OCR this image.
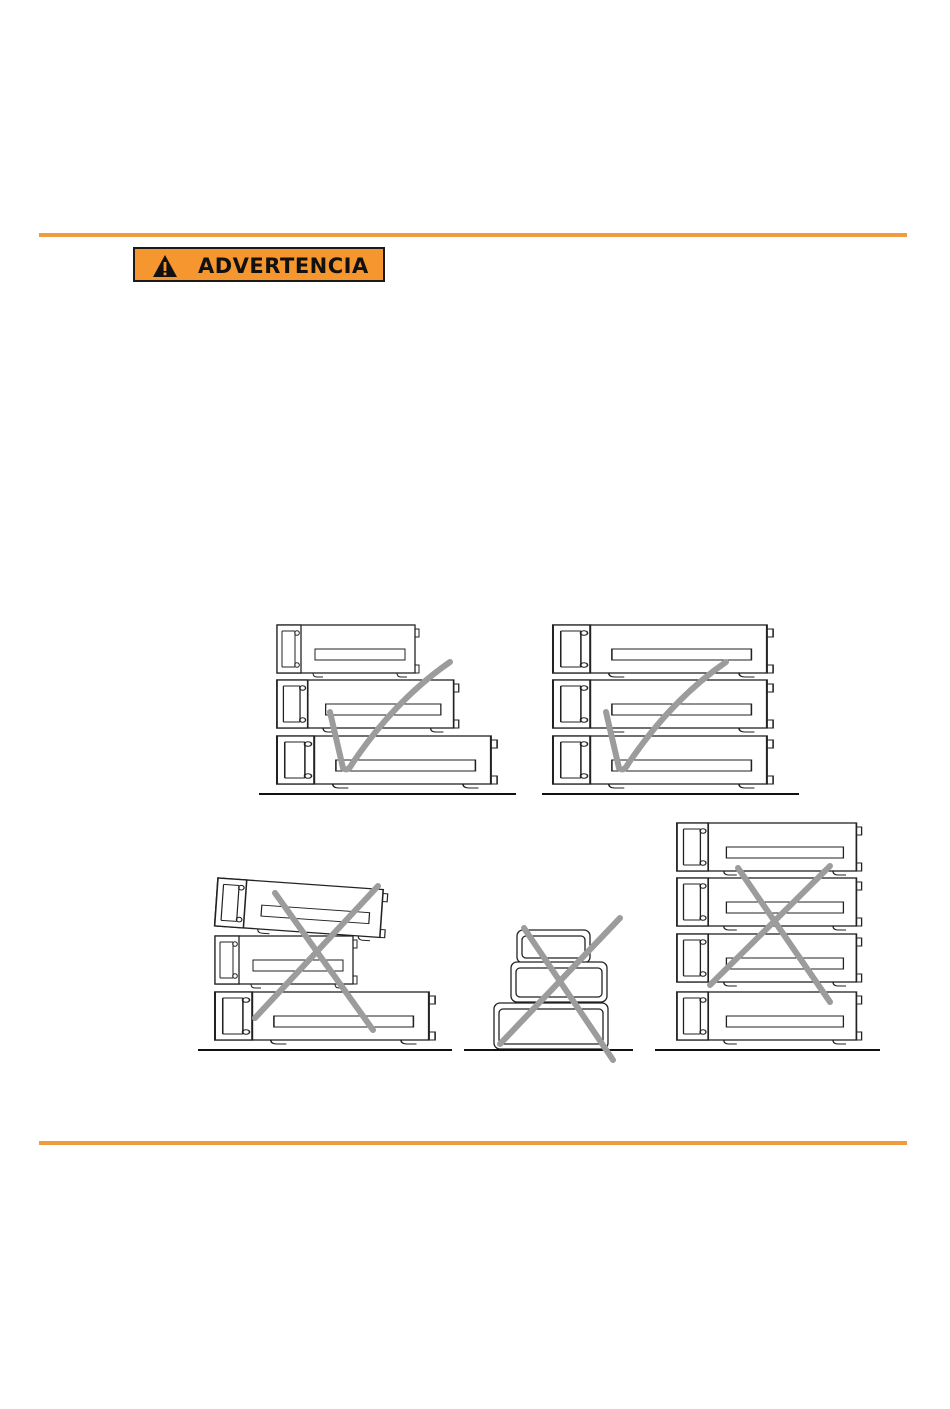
ADVERTENCIA
